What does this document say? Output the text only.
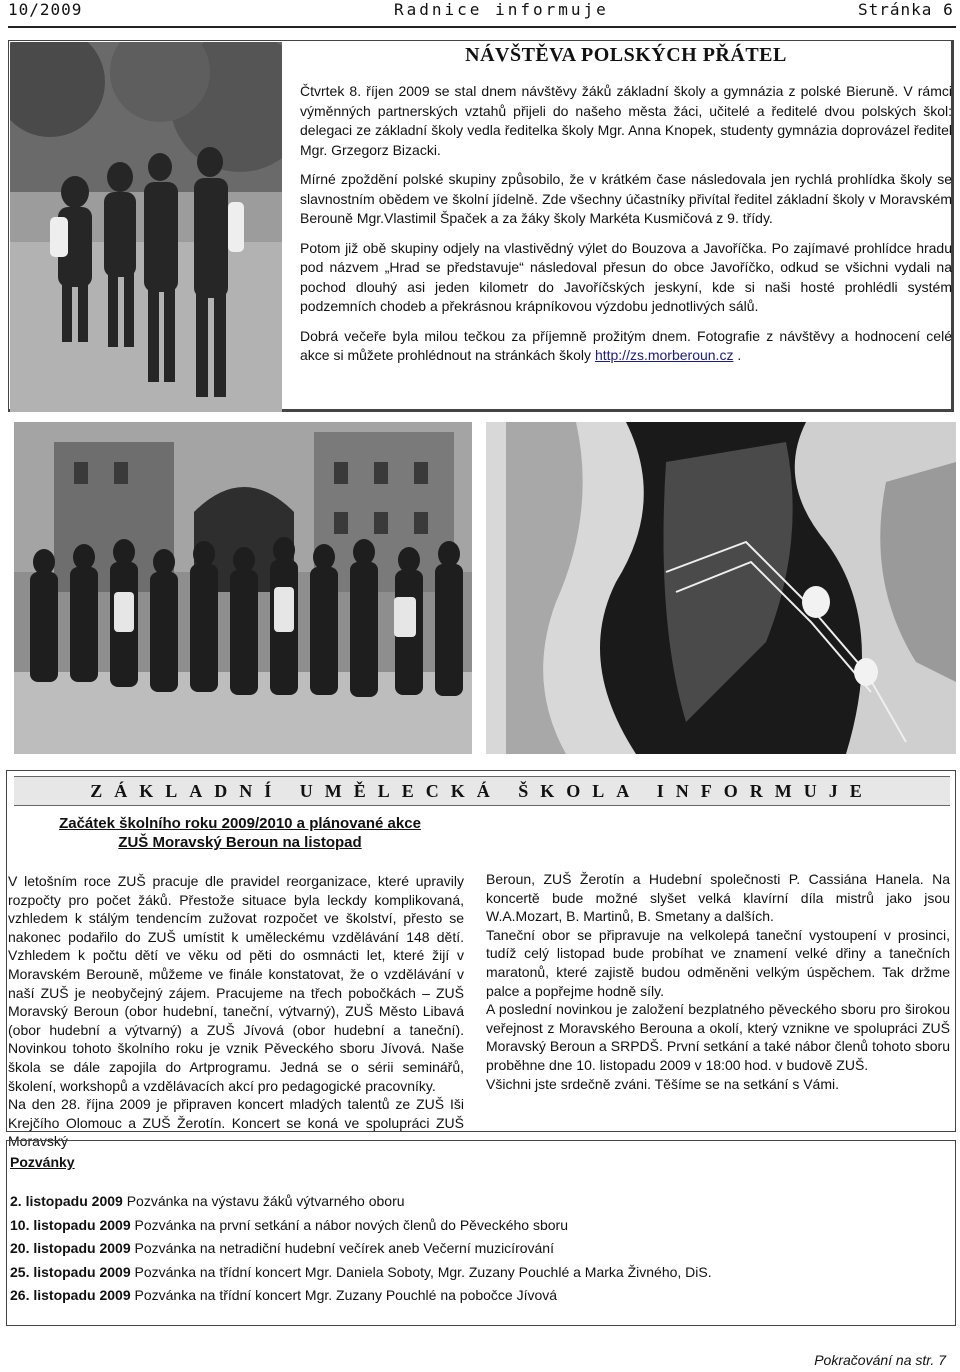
10/2009	Radnice informuje	Stránka 6
NÁVŠTĚVA POLSKÝCH PŘÁTEL

Čtvrtek 8. říjen 2009 se stal dnem návštěvy žáků základní školy a gymnázia z polské Bieruně. V rámci výměnných partnerských vztahů přijeli do našeho města žáci, učitelé a ředitelé dvou polských škol: delegaci ze základní školy vedla ředitelka školy Mgr. Anna Knopek, studenty gymnázia doprovázel ředitel Mgr. Grzegorz Bizacki.

Mírné zpoždění polské skupiny způsobilo, že v krátkém čase následovala jen rychlá prohlídka školy se slavnostním obědem ve školní jídelně. Zde všechny účastníky přivítal ředitel základní školy v Moravském Berouně Mgr.Vlastimil Špaček a za žáky školy Markéta Kusmičová z 9. třídy.

Potom již obě skupiny odjely na vlastivědný výlet do Bouzova a Javoříčka. Po zajímavé prohlídce hradu pod názvem „Hrad se představuje“ následoval přesun do obce Javoříčko, odkud se všichni vydali na pochod dlouhý asi jeden kilometr do Javoříčských jeskyní, kde si naši hosté prohlédli systém podzemních chodeb a překrásnou krápníkovou výzdobu jednotlivých sálů.

Dobrá večeře byla milou tečkou za příjemně prožitým dnem. Fotografie z návštěvy a hodnocení celé akce si můžete prohlédnout na stránkách školy http://zs.morberoun.cz .

ZÁKLADNÍ UMĚLECKÁ ŠKOLA INFORMUJE
Začátek školního roku 2009/2010 a plánované akce
ZUŠ Moravský Beroun na listopad

V letošním roce ZUŠ pracuje dle pravidel reorganizace, které upravily rozpočty pro počet žáků. Přestože situace byla leckdy komplikovaná, vzhledem k stálým tendencím zužovat rozpočet ve školství, přesto se nakonec podařilo do ZUŠ umístit k uměleckému vzdělávání 148 dětí. Vzhledem k počtu dětí ve věku od pěti do osmnácti let, které žijí v Moravském Berouně, můžeme ve finále konstatovat, že o vzdělávání v naší ZUŠ je neobyčejný zájem. Pracujeme na třech pobočkách – ZUŠ Moravský Beroun (obor hudební, taneční, výtvarný), ZUŠ Město Libavá (obor hudební a výtvarný) a ZUŠ Jívová (obor hudební a taneční). Novinkou tohoto školního roku je vznik Pěveckého sboru Jívová. Naše škola se dále zapojila do Artprogramu. Jedná se o sérii seminářů, školení, workshopů a vzdělávacích akcí pro pedagogické pracovníky.

Na den 28. října 2009 je připraven koncert mladých talentů ze ZUŠ Iši Krejčího Olomouc a ZUŠ Žerotín. Koncert se koná ve spolupráci ZUŠ Moravský

Beroun, ZUŠ Žerotín a Hudební společnosti P. Cassiána Hanela. Na koncertě bude možné slyšet velká klavírní díla mistrů jako jsou W.A.Mozart, B. Martinů, B. Smetany a dalších.

Taneční obor se připravuje na velkolepá taneční vystoupení v prosinci, tudíž celý listopad bude probíhat ve znamení velké dřiny a tanečních maratonů, které zajistě budou odměněni velkým úspěchem. Tak držme palce a popřejme hodně síly.

A poslední novinkou je založení bezplatného pěveckého sboru pro širokou veřejnost z Moravského Berouna a okolí, který vznikne ve spolupráci ZUŠ Moravský Beroun a SRPDŠ. První setkání a také nábor členů tohoto sboru proběhne dne 10. listopadu 2009 v 18:00 hod. v budově ZUŠ.

Všichni jste srdečně zváni. Těšíme se na setkání s Vámi.

Pozvánky
2. listopadu 2009 Pozvánka na výstavu žáků výtvarného oboru
10. listopadu 2009 Pozvánka na první setkání a nábor nových členů do Pěveckého sboru
20. listopadu 2009 Pozvánka na netradiční hudební večírek aneb Večerní muzicírování
25. listopadu 2009 Pozvánka na třídní koncert Mgr. Daniela Soboty, Mgr. Zuzany Pouchlé a Marka Živného, DiS.
26. listopadu 2009 Pozvánka na třídní koncert Mgr. Zuzany Pouchlé na pobočce Jívová
Pokračování na str. 7
